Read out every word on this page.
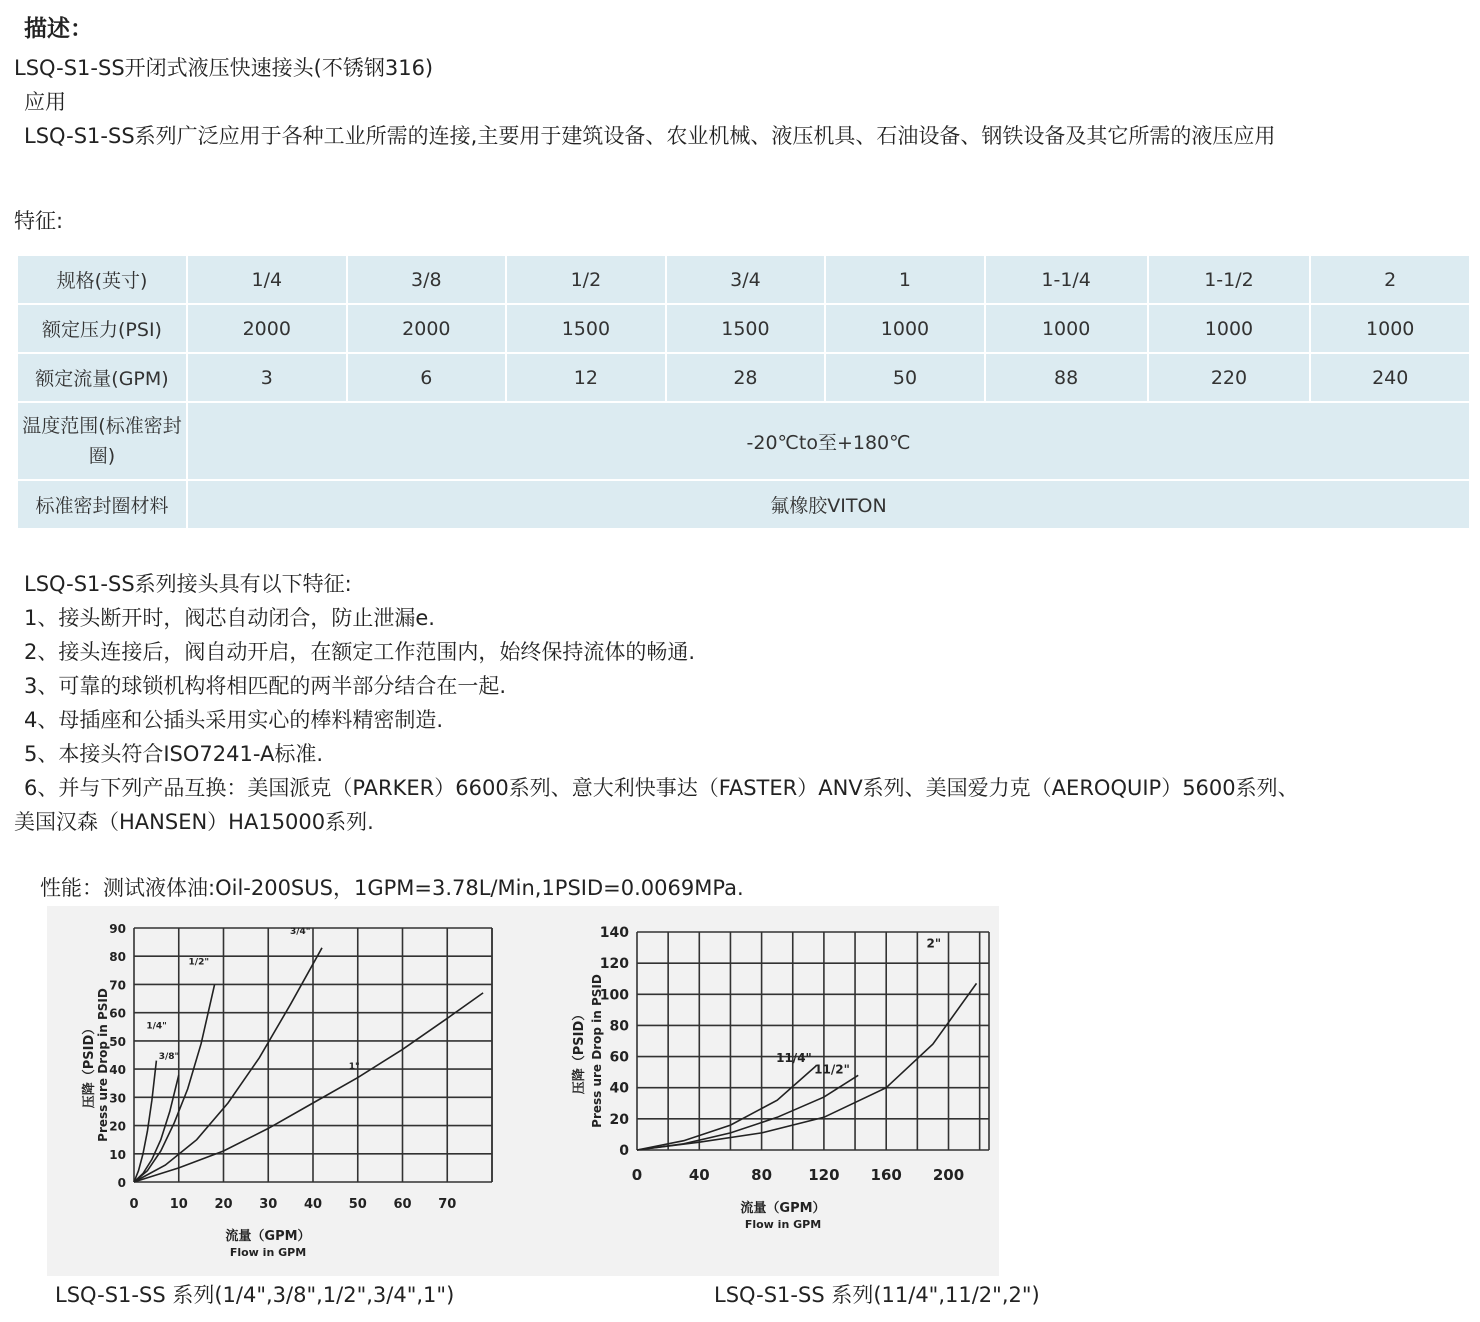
描述：
LSQ-S1-SS开闭式液压快速接头(不锈钢316)
应用
LSQ-S1-SS系列广泛应用于各种工业所需的连接,主要用于建筑设备、农业机械、液压机具、石油设备、钢铁设备及其它所需的液压应用
特征:
规格(英寸)	1/4	3/8	1/2	3/4	1	1-1/4	1-1/2	2
额定压力(PSI)	2000	2000	1500	1500	1000	1000	1000	1000
额定流量(GPM)	3	6	12	28	50	88	220	240
温度范围(标准密封圈)	-20℃to至+180℃							
标准密封圈材料	氟橡胶VITON							
LSQ-S1-SS系列接头具有以下特征:
1、接头断开时，阀芯自动闭合，防止泄漏e.
2、接头连接后，阀自动开启，在额定工作范围内，始终保持流体的畅通.
3、可靠的球锁机构将相匹配的两半部分结合在一起.
4、母插座和公插头采用实心的棒料精密制造.
5、本接头符合ISO7241-A标准.
6、并与下列产品互换：美国派克（PARKER）6600系列、意大利快事达（FASTER）ANV系列、美国爱力克（AEROQUIP）5600系列、
美国汉森（HANSEN）HA15000系列.
性能：测试液体油:Oil-200SUS，1GPM=3.78L/Min,1PSID=0.0069MPa.
0
10
20
30
40
50
60
70
80
90
0 10 20 30 40 50 60 70
流量（GPM）
Flow in GPM
压降（PSID） Press ure Drop in PSID	1/4"
3/8"
1/2"
3/4"
1"
0
20
40
60
80
100
120
140
0	40	80 120 160 200
流量（GPM）
Flow in GPM
压降（PSID） Press ure Drop in PSID	11/4"
11/2"
2"
LSQ-S1-SS 系列(1/4",3/8",1/2",3/4",1")	LSQ-S1-SS 系列(11/4",11/2",2")
